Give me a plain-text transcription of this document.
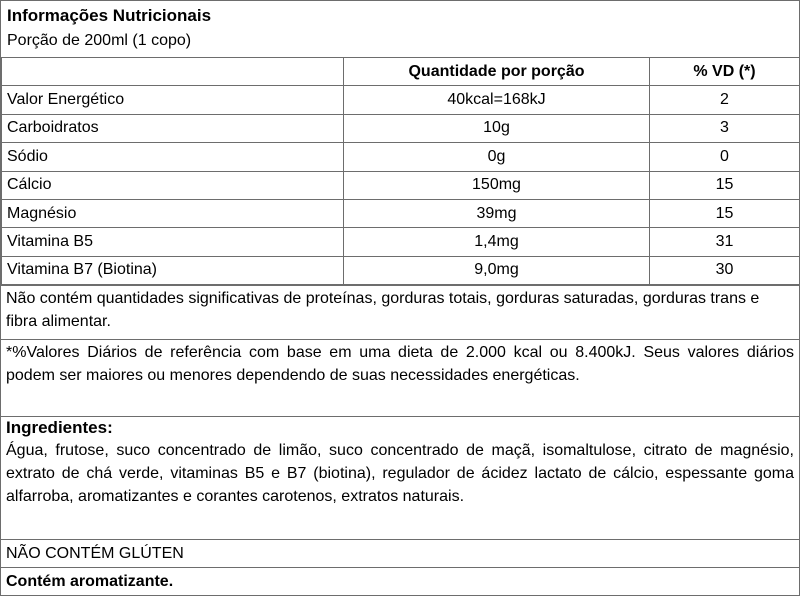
Informações Nutricionais
Porção de 200ml (1 copo)
	Quantidade por porção	% VD (*)
Valor Energético	40kcal=168kJ	2
Carboidratos	10g	3
Sódio	0g	0
Cálcio	150mg	15
Magnésio	39mg	15
Vitamina B5	1,4mg	31
Vitamina B7 (Biotina)	9,0mg	30
Não contém quantidades significativas de proteínas, gorduras totais, gorduras saturadas, gorduras trans e fibra alimentar.
*%Valores Diários de referência com base em uma dieta de 2.000 kcal ou 8.400kJ. Seus valores diários podem ser maiores ou menores dependendo de suas necessidades energéticas.
Ingredientes:
Água, frutose, suco concentrado de limão, suco concentrado de maçã, isomaltulose, citrato de magnésio, extrato de chá verde, vitaminas B5 e B7 (biotina), regulador de ácidez lactato de cálcio, espessante goma alfarroba, aromatizantes e corantes carotenos, extratos naturais.
NÃO CONTÉM GLÚTEN
Contém aromatizante.
